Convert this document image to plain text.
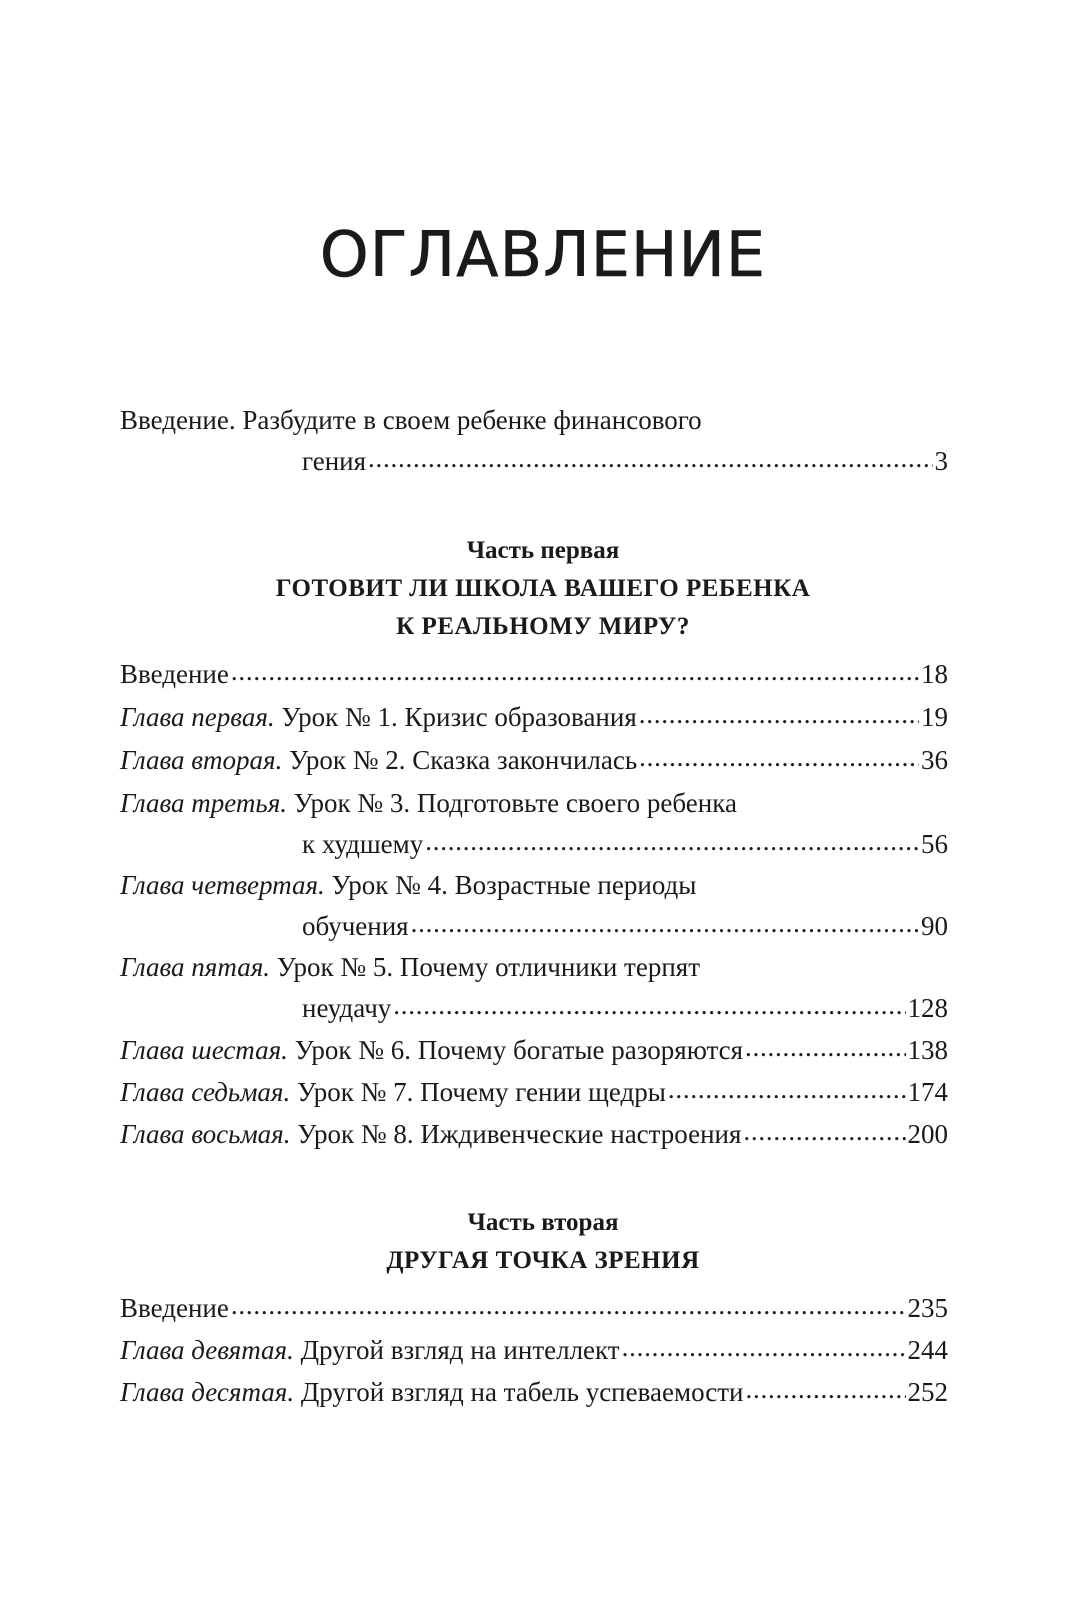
ОГЛАВЛЕНИЕ
Введение. Разбудите в своем ребенке финансового
гения . . .	3
Часть первая
ГОТОВИТ ЛИ ШКОЛА ВАШЕГО РЕБЕНКА
К РЕАЛЬНОМУ МИРУ?
Введение . . .	18
Глава первая. Урок № 1. Кризис образования . . .	19
Глава вторая. Урок № 2. Сказка закончилась . . .	36
Глава третья. Урок № 3. Подготовьте своего ребенка
к худшему . . .	56
Глава четвертая. Урок № 4. Возрастные периоды
обучения . . .	90
Глава пятая. Урок № 5. Почему отличники терпят
неудачу . . .	128
Глава шестая. Урок № 6. Почему богатые разоряются . . .	138
Глава седьмая. Урок № 7. Почему гении щедры . . .	174
Глава восьмая. Урок № 8. Иждивенческие настроения . . .	200
Часть вторая
ДРУГАЯ ТОЧКА ЗРЕНИЯ
Введение . . .	235
Глава девятая. Другой взгляд на интеллект . . .	244
Глава десятая. Другой взгляд на табель успеваемости . . .	252
